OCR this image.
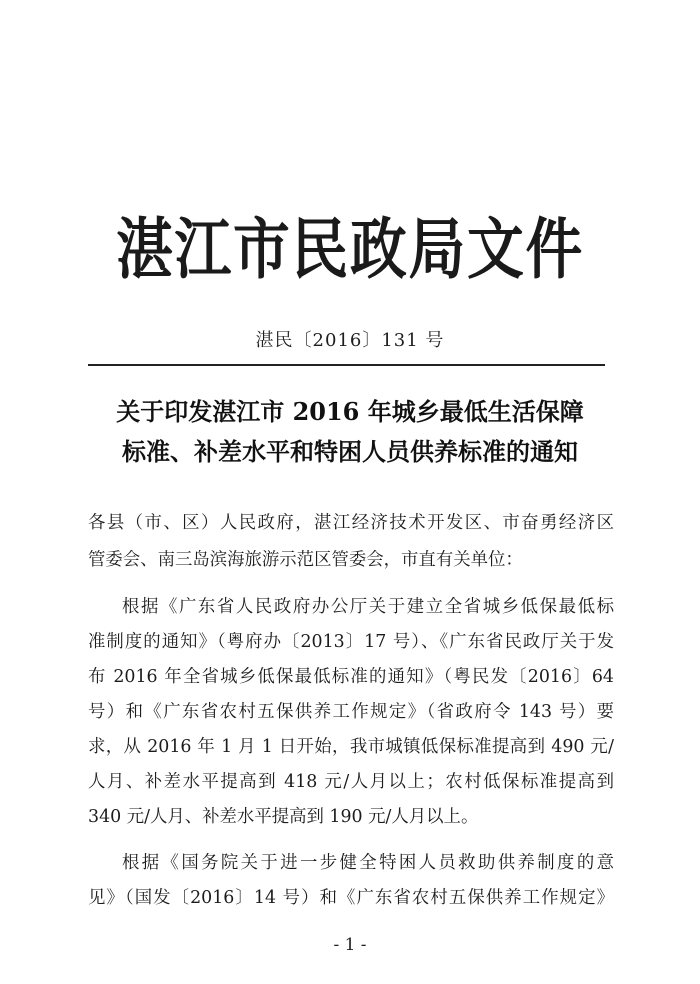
湛江市民政局文件
湛民〔2016〕131 号
关于印发湛江市 2016 年城乡最低生活保障
标准、补差水平和特困人员供养标准的通知
各县（市、区）人民政府，湛江经济技术开发区、市奋勇经济区
管委会、南三岛滨海旅游示范区管委会，市直有关单位：
根据《广东省人民政府办公厅关于建立全省城乡低保最低标
准制度的通知》（粤府办〔2013〕17 号）、《广东省民政厅关于发
布 2016 年全省城乡低保最低标准的通知》（粤民发〔2016〕64
号）和《广东省农村五保供养工作规定》（省政府令 143 号）要
求，从 2016 年 1 月 1 日开始，我市城镇低保标准提高到 490 元/
人月、补差水平提高到 418 元/人月以上；农村低保标准提高到
340 元/人月、补差水平提高到 190 元/人月以上。
根据《国务院关于进一步健全特困人员救助供养制度的意
见》（国发〔2016〕14 号）和《广东省农村五保供养工作规定》
- 1 -
